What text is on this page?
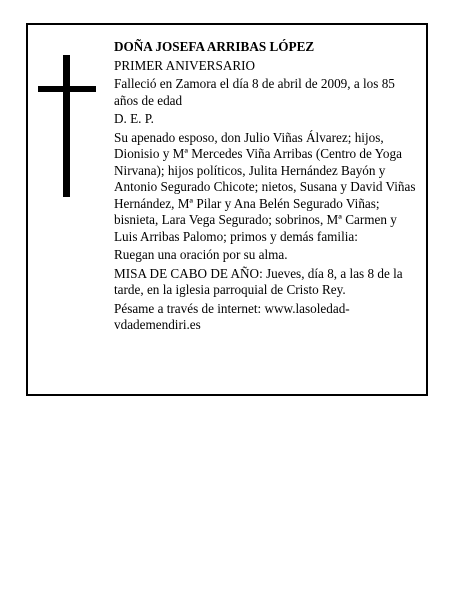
DOÑA JOSEFA ARRIBAS LÓPEZ

PRIMER ANIVERSARIO

Falleció en Zamora el día 8 de abril de 2009, a los 85 años de edad

D. E. P.

Su apenado esposo, don Julio Viñas Álvarez; hijos, Dionisio y Mª Mercedes Viña Arribas (Centro de Yoga Nirvana); hijos políticos, Julita Hernández Bayón y Antonio Segurado Chicote; nietos, Susana y David Viñas Hernández, Mª Pilar y Ana Belén Segurado Viñas; bisnieta, Lara Vega Segurado; sobrinos, Mª Carmen y Luis Arribas Palomo; primos y demás familia:

Ruegan una oración por su alma.

MISA DE CABO DE AÑO: Jueves, día 8, a las 8 de la tarde, en la iglesia parroquial de Cristo Rey.

Pésame a través de internet: www.lasoledad-vdademendiri.es
